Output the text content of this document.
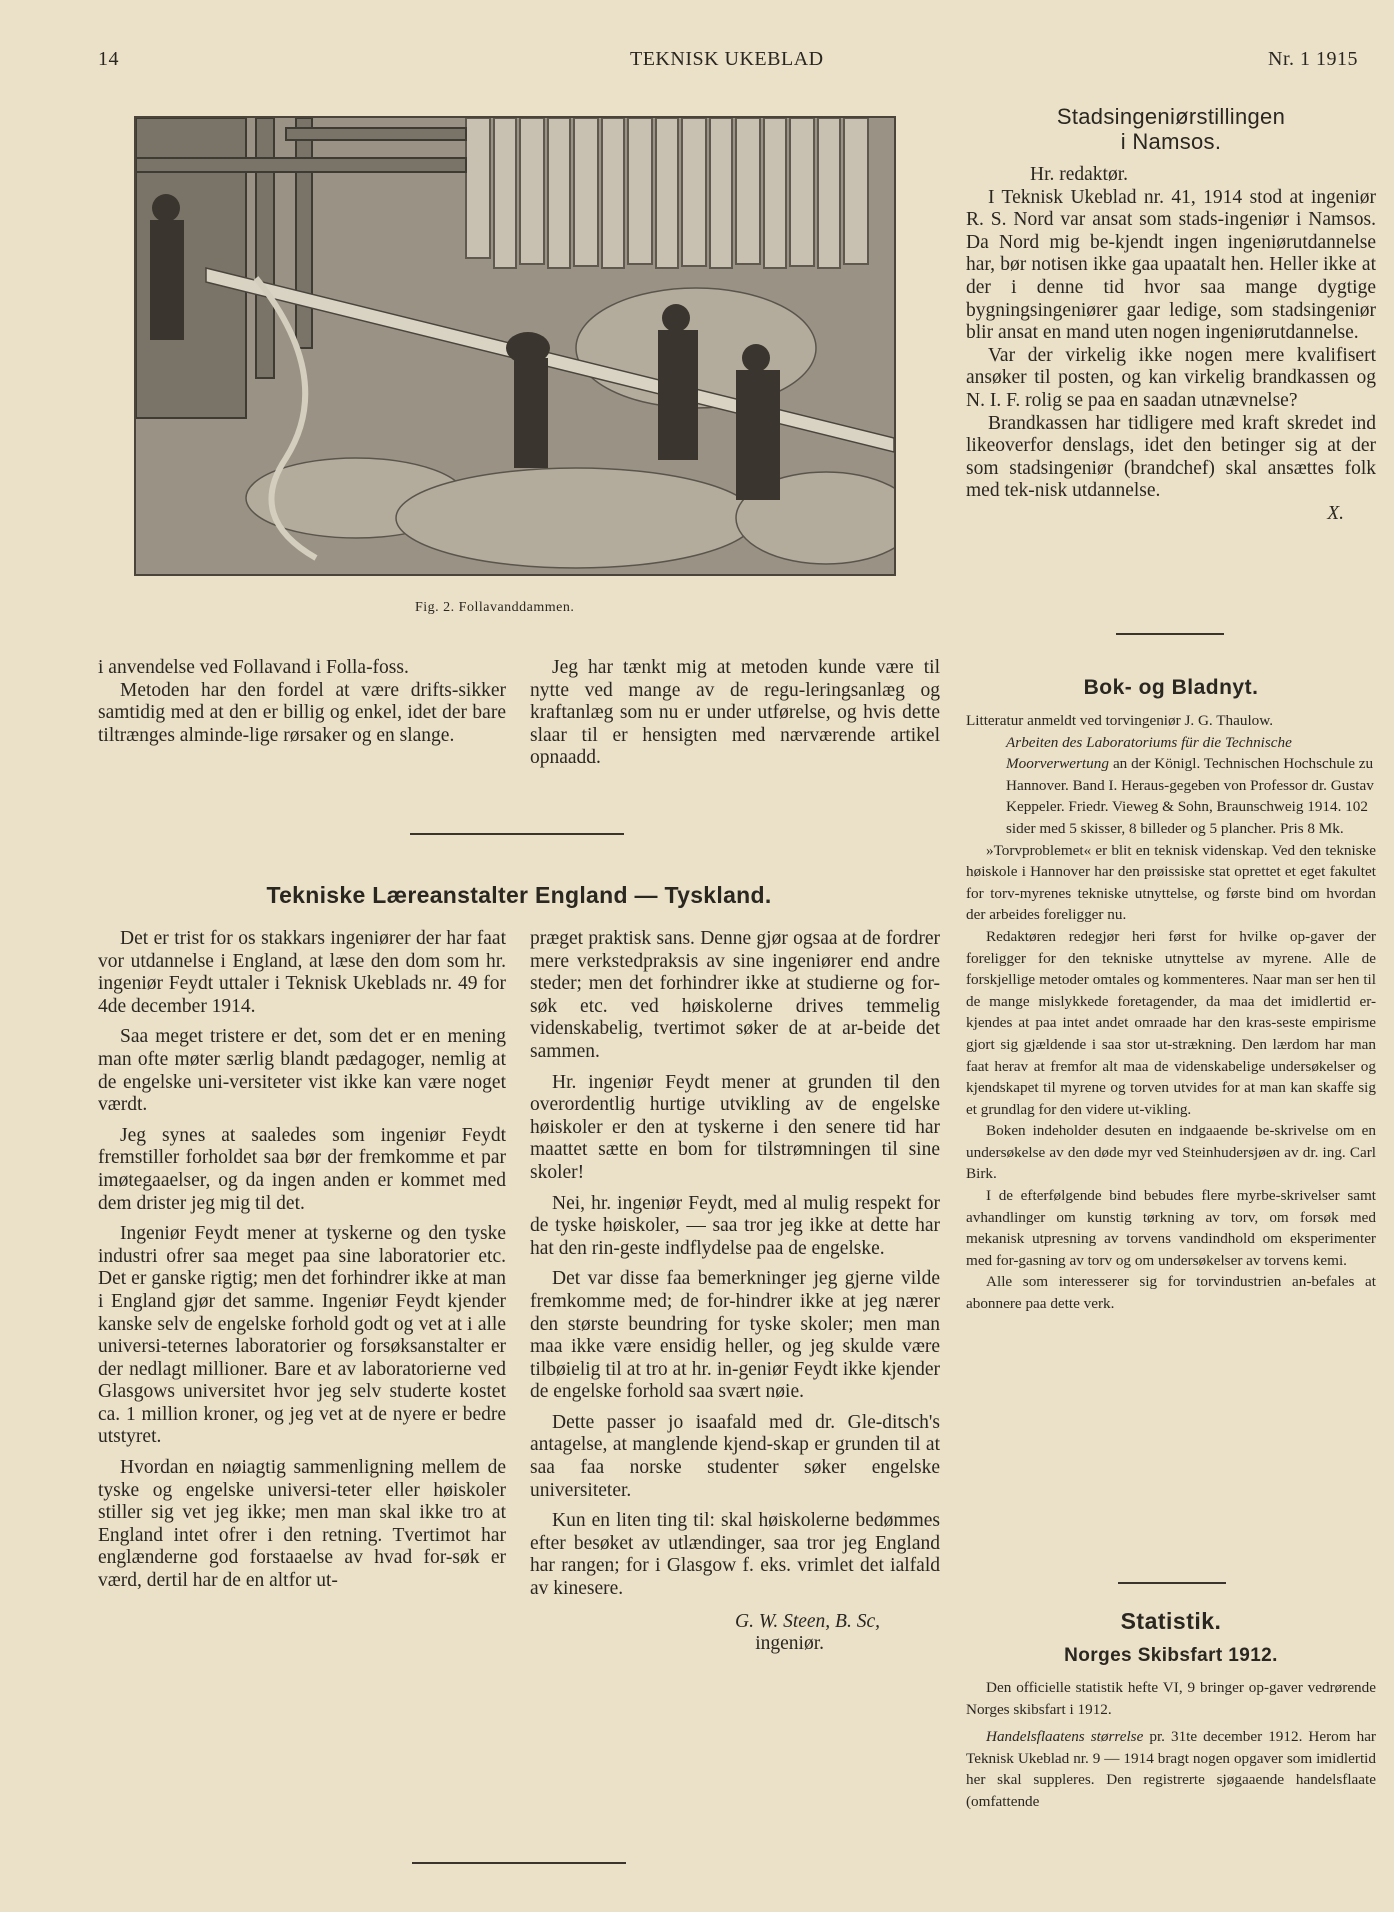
14	TEKNISK UKEBLAD	Nr. 1 1915
Fig. 2. Follavanddammen.

i anvendelse ved Follavand i Folla-foss.

Metoden har den fordel at være drifts-sikker samtidig med at den er billig og enkel, idet der bare tiltrænges alminde-lige rørsaker og en slange.

Jeg har tænkt mig at metoden kunde være til nytte ved mange av de regu-leringsanlæg og kraftanlæg som nu er under utførelse, og hvis dette slaar til er hensigten med nærværende artikel opnaadd.

Tekniske Læreanstalter England — Tyskland.

Det er trist for os stakkars ingeniører der har faat vor utdannelse i England, at læse den dom som hr. ingeniør Feydt uttaler i Teknisk Ukeblads nr. 49 for 4de december 1914.

Saa meget tristere er det, som det er en mening man ofte møter særlig blandt pædagoger, nemlig at de engelske uni-versiteter vist ikke kan være noget værdt.

Jeg synes at saaledes som ingeniør Feydt fremstiller forholdet saa bør der fremkomme et par imøtegaaelser, og da ingen anden er kommet med dem drister jeg mig til det.

Ingeniør Feydt mener at tyskerne og den tyske industri ofrer saa meget paa sine laboratorier etc. Det er ganske rigtig; men det forhindrer ikke at man i England gjør det samme. Ingeniør Feydt kjender kanske selv de engelske forhold godt og vet at i alle universi-teternes laboratorier og forsøksanstalter er der nedlagt millioner. Bare et av laboratorierne ved Glasgows universitet hvor jeg selv studerte kostet ca. 1 million kroner, og jeg vet at de nyere er bedre utstyret.

Hvordan en nøiagtig sammenligning mellem de tyske og engelske universi-teter eller høiskoler stiller sig vet jeg ikke; men man skal ikke tro at England intet ofrer i den retning. Tvertimot har englænderne god forstaaelse av hvad for-søk er værd, dertil har de en altfor ut-

præget praktisk sans. Denne gjør ogsaa at de fordrer mere verkstedpraksis av sine ingeniører end andre steder; men det forhindrer ikke at studierne og for-søk etc. ved høiskolerne drives temmelig videnskabelig, tvertimot søker de at ar-beide det sammen.

Hr. ingeniør Feydt mener at grunden til den overordentlig hurtige utvikling av de engelske høiskoler er den at tyskerne i den senere tid har maattet sætte en bom for tilstrømningen til sine skoler!

Nei, hr. ingeniør Feydt, med al mulig respekt for de tyske høiskoler, — saa tror jeg ikke at dette har hat den rin-geste indflydelse paa de engelske.

Det var disse faa bemerkninger jeg gjerne vilde fremkomme med; de for-hindrer ikke at jeg nærer den største beundring for tyske skoler; men man maa ikke være ensidig heller, og jeg skulde være tilbøielig til at tro at hr. in-geniør Feydt ikke kjender de engelske forhold saa svært nøie.

Dette passer jo isaafald med dr. Gle-ditsch's antagelse, at manglende kjend-skap er grunden til at saa faa norske studenter søker engelske universiteter.

Kun en liten ting til: skal høiskolerne bedømmes efter besøket av utlændinger, saa tror jeg England har rangen; for i Glasgow f. eks. vrimlet det ialfald av kinesere.

G. W. Steen, B. Sc,

ingeniør.

Stadsingeniørstillingen
i Namsos.

Hr. redaktør.

I Teknisk Ukeblad nr. 41, 1914 stod at ingeniør R. S. Nord var ansat som stads-ingeniør i Namsos. Da Nord mig be-kjendt ingen ingeniørutdannelse har, bør notisen ikke gaa upaatalt hen. Heller ikke at der i denne tid hvor saa mange dygtige bygningsingeniører gaar ledige, som stadsingeniør blir ansat en mand uten nogen ingeniørutdannelse.

Var der virkelig ikke nogen mere kvalifisert ansøker til posten, og kan virkelig brandkassen og N. I. F. rolig se paa en saadan utnævnelse?

Brandkassen har tidligere med kraft skredet ind likeoverfor denslags, idet den betinger sig at der som stadsingeniør (brandchef) skal ansættes folk med tek-nisk utdannelse.

X.

Bok- og Bladnyt.

Litteratur anmeldt ved torvingeniør J. G. Thaulow.

Arbeiten des Laboratoriums für die Technische Moorverwertung an der Königl. Technischen Hochschule zu Hannover. Band I. Heraus-gegeben von Professor dr. Gustav Keppeler. Friedr. Vieweg & Sohn, Braunschweig 1914. 102 sider med 5 skisser, 8 billeder og 5 plancher. Pris 8 Mk.

»Torvproblemet« er blit en teknisk videnskap. Ved den tekniske høiskole i Hannover har den prøissiske stat oprettet et eget fakultet for torv-myrenes tekniske utnyttelse, og første bind om hvordan der arbeides foreligger nu.

Redaktøren redegjør heri først for hvilke op-gaver der foreligger for den tekniske utnyttelse av myrene. Alle de forskjellige metoder omtales og kommenteres. Naar man ser hen til de mange mislykkede foretagender, da maa det imidlertid er-kjendes at paa intet andet omraade har den kras-seste empirisme gjort sig gjældende i saa stor ut-strækning. Den lærdom har man faat herav at fremfor alt maa de videnskabelige undersøkelser og kjendskapet til myrene og torven utvides for at man kan skaffe sig et grundlag for den videre ut-vikling.

Boken indeholder desuten en indgaaende be-skrivelse om en undersøkelse av den døde myr ved Steinhudersjøen av dr. ing. Carl Birk.

I de efterfølgende bind bebudes flere myrbe-skrivelser samt avhandlinger om kunstig tørkning av torv, om forsøk med mekanisk utpresning av torvens vandindhold om eksperimenter med for-gasning av torv og om undersøkelser av torvens kemi.

Alle som interesserer sig for torvindustrien an-befales at abonnere paa dette verk.

Statistik.
Norges Skibsfart 1912.

Den officielle statistik hefte VI, 9 bringer op-gaver vedrørende Norges skibsfart i 1912.

Handelsflaatens størrelse pr. 31te december 1912. Herom har Teknisk Ukeblad nr. 9 — 1914 bragt nogen opgaver som imidlertid her skal suppleres. Den registrerte sjøgaaende handelsflaate (omfattende
